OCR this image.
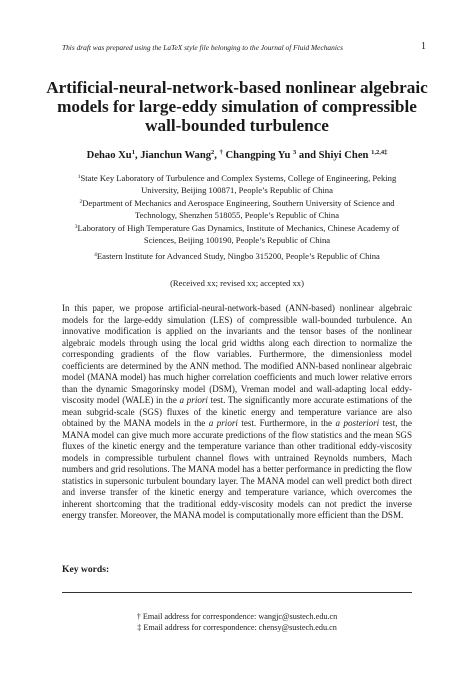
This draft was prepared using the LaTeX style file belonging to the Journal of Fluid Mechanics	1
Artificial-neural-network-based nonlinear algebraic models for large-eddy simulation of compressible wall-bounded turbulence
Dehao Xu$^1$, Jianchun Wang$^2$, † Changping Yu $^3$ and Shiyi Chen $^{1,2,4\ddagger}$
$^1$State Key Laboratory of Turbulence and Complex Systems, College of Engineering, Peking University, Beijing 100871, People’s Republic of China
$^2$Department of Mechanics and Aerospace Engineering, Southern University of Science and Technology, Shenzhen 518055, People’s Republic of China
$^3$Laboratory of High Temperature Gas Dynamics, Institute of Mechanics, Chinese Academy of Sciences, Beijing 100190, People’s Republic of China
$^4$Eastern Institute for Advanced Study, Ningbo 315200, People’s Republic of China
(Received xx; revised xx; accepted xx)

In this paper, we propose artificial-neural-network-based (ANN-based) nonlinear algebraic models for the large-eddy simulation (LES) of compressible wall-bounded turbulence. An innovative modification is applied on the invariants and the tensor bases of the nonlinear algebraic models through using the local grid widths along each direction to normalize the corresponding gradients of the flow variables. Furthermore, the dimensionless model coefficients are determined by the ANN method. The modified ANN-based nonlinear algebraic model (MANA model) has much higher correlation coefficients and much lower relative errors than the dynamic Smagorinsky model (DSM), Vreman model and wall-adapting local eddy-viscosity model (WALE) in the a priori test. The significantly more accurate estimations of the mean subgrid-scale (SGS) fluxes of the kinetic energy and temperature variance are also obtained by the MANA models in the a priori test. Furthermore, in the a posteriori test, the MANA model can give much more accurate predictions of the flow statistics and the mean SGS fluxes of the kinetic energy and the temperature variance than other traditional eddy-viscosity models in compressible turbulent channel flows with untrained Reynolds numbers, Mach numbers and grid resolutions. The MANA model has a better performance in predicting the flow statistics in supersonic turbulent boundary layer. The MANA model can well predict both direct and inverse transfer of the kinetic energy and temperature variance, which overcomes the inherent shortcoming that the traditional eddy-viscosity models can not predict the inverse energy transfer. Moreover, the MANA model is computationally more efficient than the DSM.

Key words:
† Email address for correspondence: wangjc@sustech.edu.cn
‡ Email address for correspondence: chensy@sustech.edu.cn
